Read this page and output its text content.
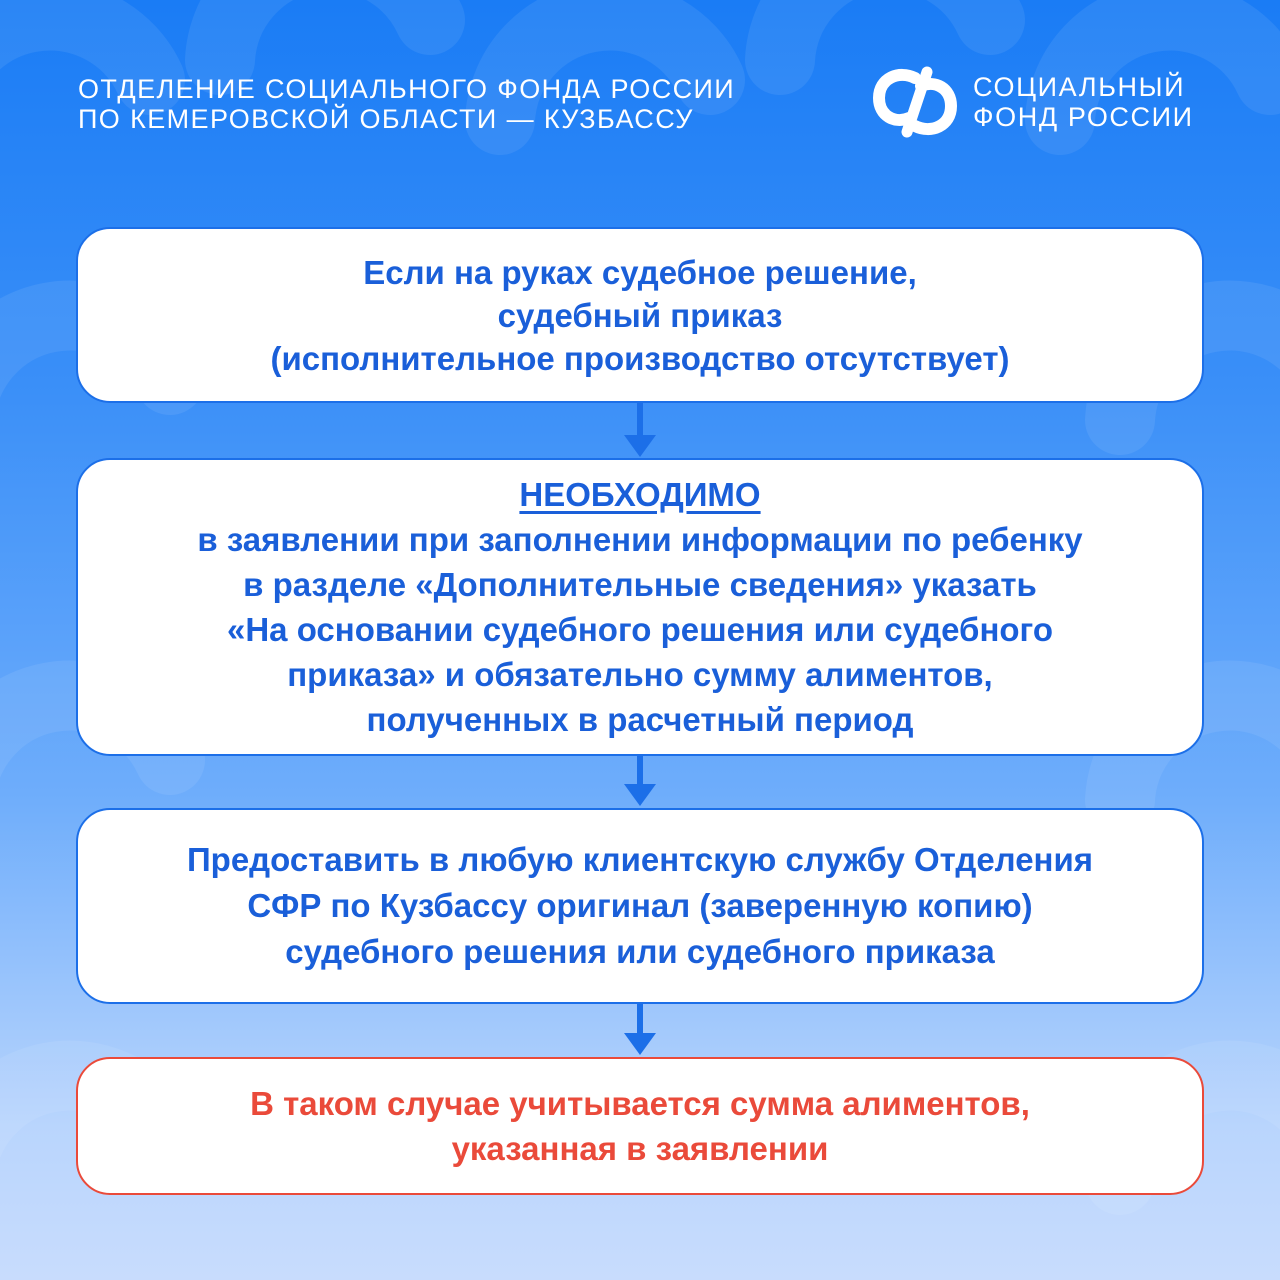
ОТДЕЛЕНИЕ СОЦИАЛЬНОГО ФОНДА РОССИИ
ПО КЕМЕРОВСКОЙ ОБЛАСТИ — КУЗБАССУ
СОЦИАЛЬНЫЙ
ФОНД РОССИИ
Если на руках судебное решение,
судебный приказ
(исполнительное производство отсутствует)
НЕОБХОДИМО
в заявлении при заполнении информации по ребенку
в разделе «Дополнительные сведения» указать
«На основании судебного решения или судебного
приказа» и обязательно сумму алиментов,
полученных в расчетный период
Предоставить в любую клиентскую службу Отделения
СФР по Кузбассу оригинал (заверенную копию)
судебного решения или судебного приказа
В таком случае учитывается сумма алиментов,
указанная в заявлении
